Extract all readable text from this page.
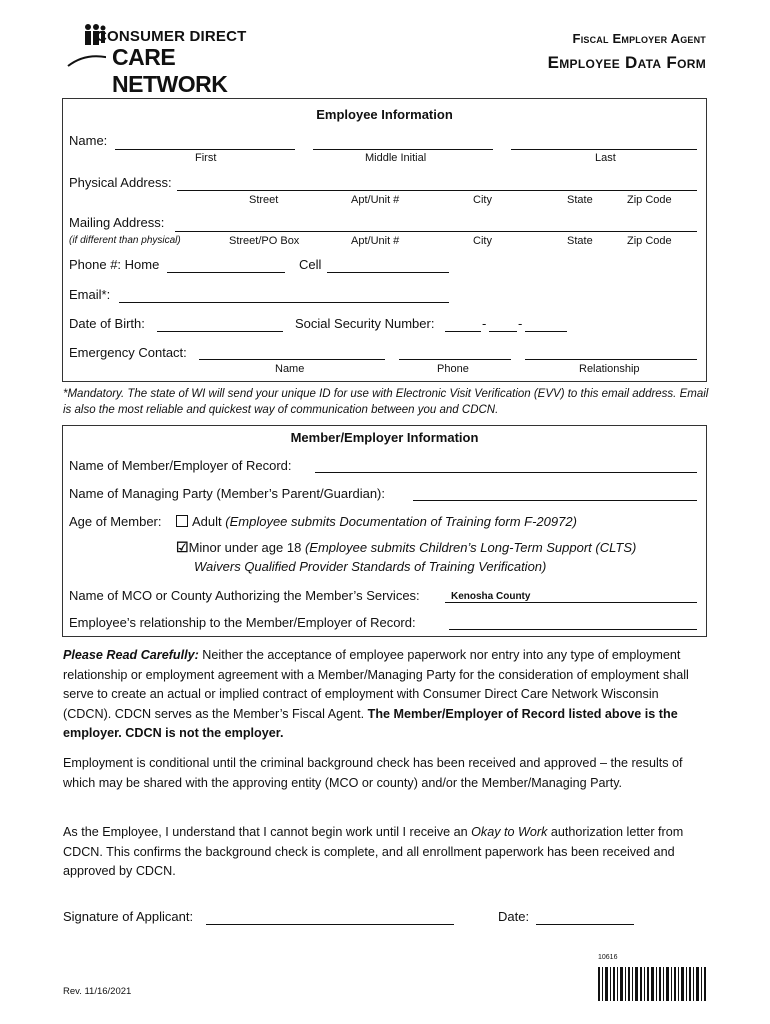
CONSUMER DIRECT
CARE NETWORK
Fiscal Employer Agent
Employee Data Form
Employee Information
Name:
First	Middle Initial	Last
Physical Address:
Street	Apt/Unit #	City	State	Zip Code
Mailing Address:
(if different than physical)	Street/PO Box	Apt/Unit #	City	State	Zip Code
Phone #: Home	Cell
Email*:
Date of Birth:	Social Security Number:	- -
Emergency Contact:
Name	Phone	Relationship
*Mandatory. The state of WI will send your unique ID for use with Electronic Visit Verification (EVV) to this email address. Email is also the most reliable and quickest way of communication between you and CDCN.
Member/Employer Information
Name of Member/Employer of Record:
Name of Managing Party (Member’s Parent/Guardian):
Age of Member:	Adult (Employee submits Documentation of Training form F-20972)
☑Minor under age 18 (Employee submits Children’s Long-Term Support (CLTS)
Waivers Qualified Provider Standards of Training Verification)
Name of MCO or County Authorizing the Member’s Services:	Kenosha County
Employee’s relationship to the Member/Employer of Record:
Please Read Carefully: Neither the acceptance of employee paperwork nor entry into any type of employment relationship or employment agreement with a Member/Managing Party for the consideration of employment shall serve to create an actual or implied contract of employment with Consumer Direct Care Network Wisconsin (CDCN). CDCN serves as the Member’s Fiscal Agent. The Member/Employer of Record listed above is the employer. CDCN is not the employer.
Employment is conditional until the criminal background check has been received and approved – the results of which may be shared with the approving entity (MCO or county) and/or the Member/Managing Party.
As the Employee, I understand that I cannot begin work until I receive an Okay to Work authorization letter from CDCN. This confirms the background check is complete, and all enrollment paperwork has been received and approved by CDCN.
Signature of Applicant:	Date:
10616
Rev. 11/16/2021
